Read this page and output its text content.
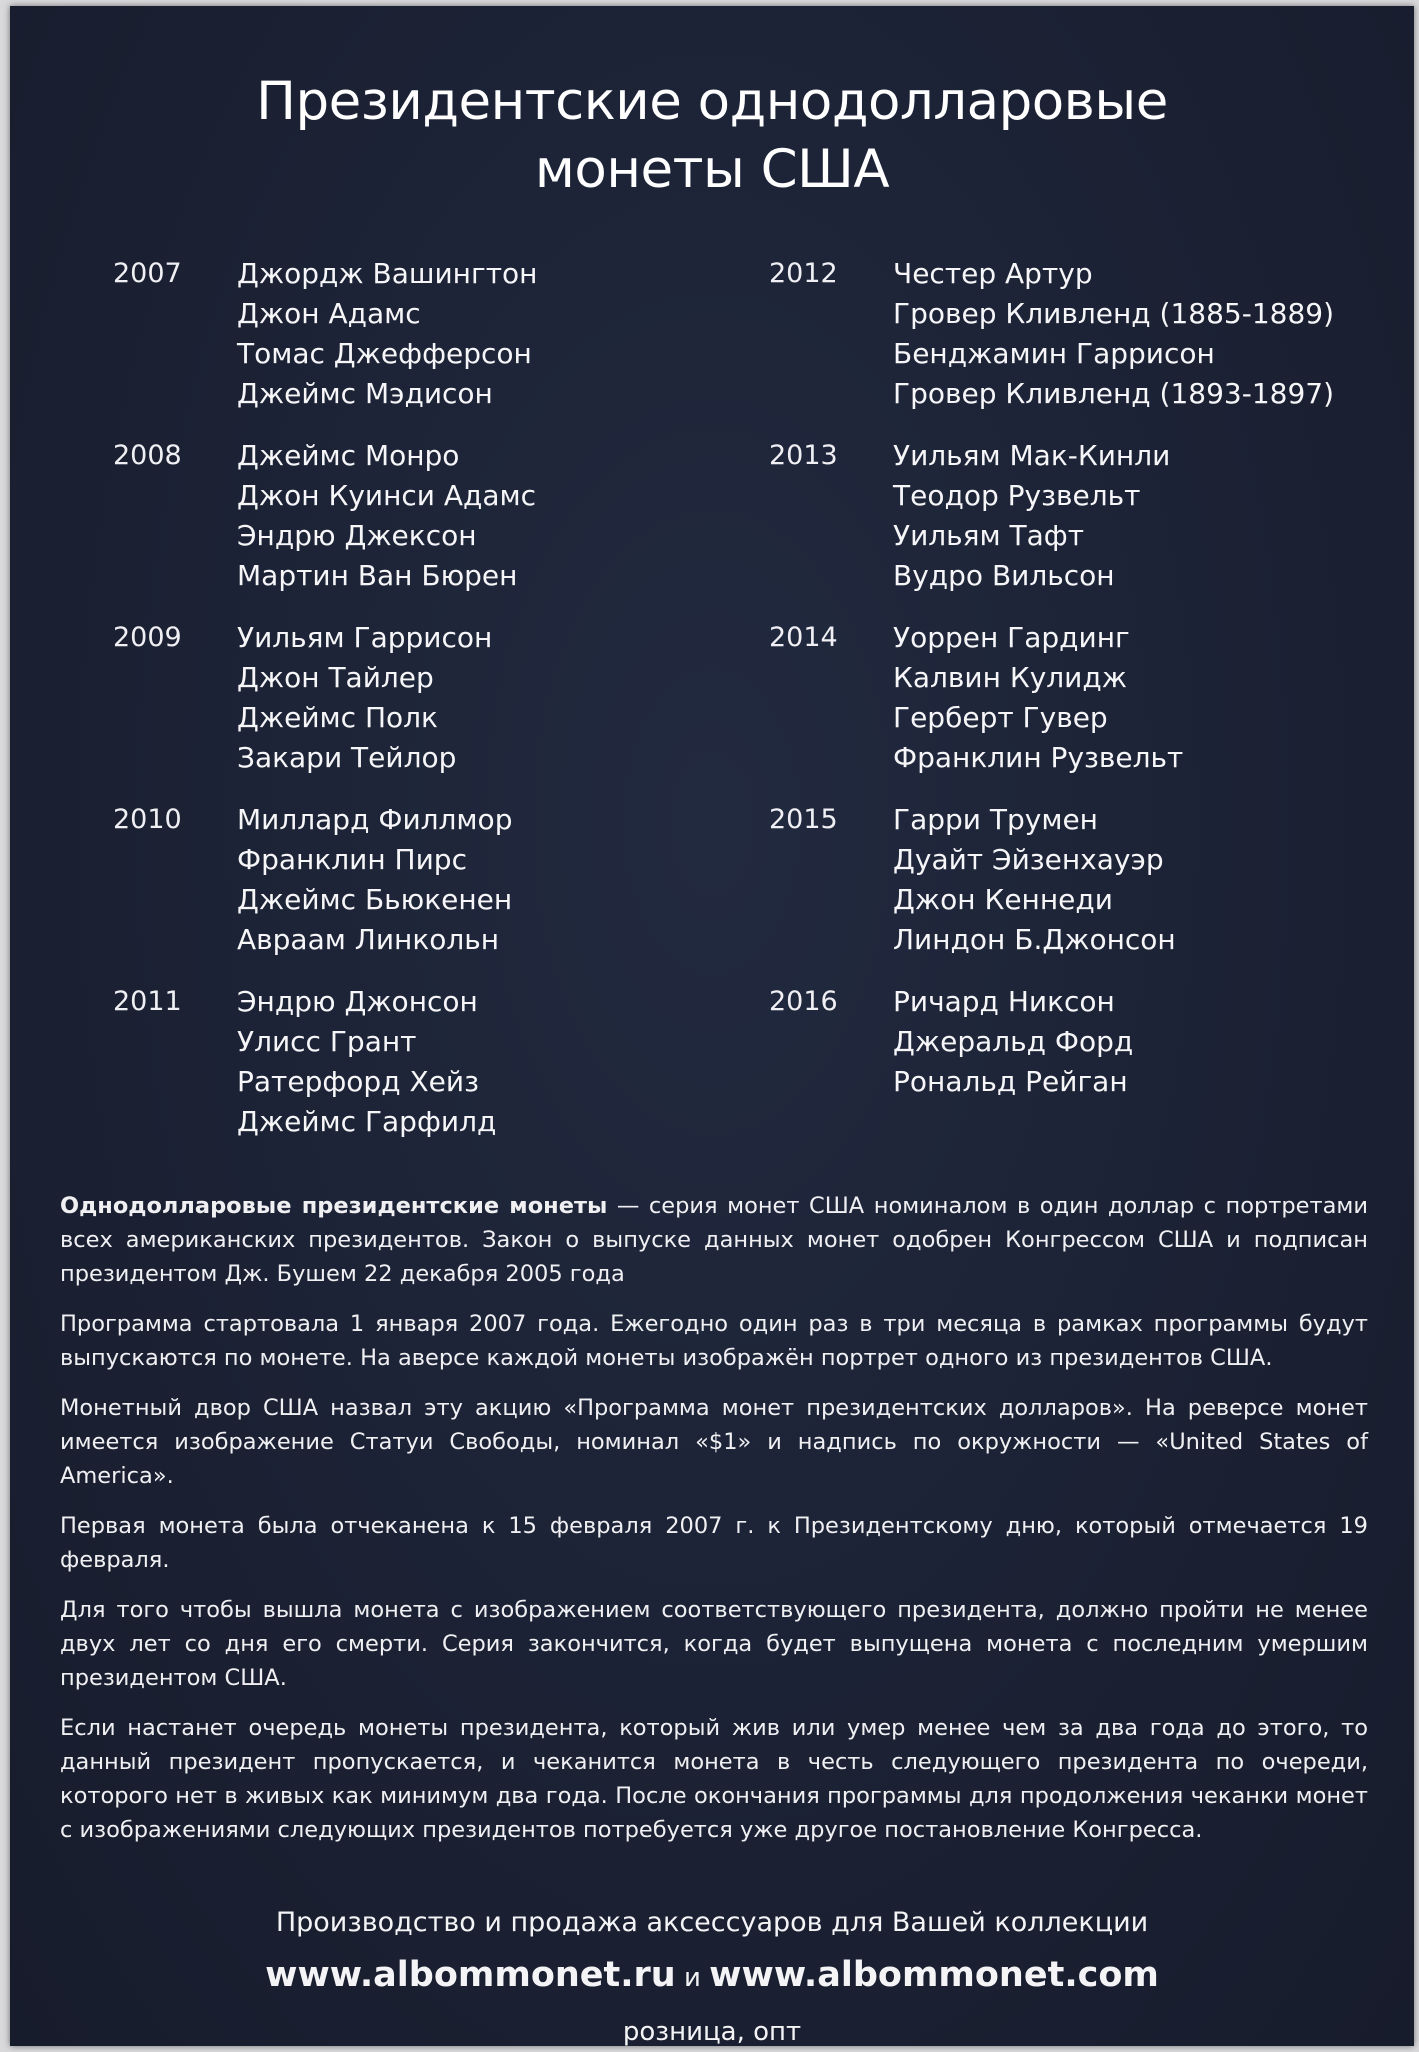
Президентские однодолларовые
монеты США
2007 Джордж Вашингтон
Джон Адамс
Томас Джефферсон
Джеймс Мэдисон
2008 Джеймс Монро
Джон Куинси Адамс
Эндрю Джексон
Мартин Ван Бюрен
2009 Уильям Гаррисон
Джон Тайлер
Джеймс Полк
Закари Тейлор
2010 Миллард Филлмор
Франклин Пирс
Джеймс Бьюкенен
Авраам Линкольн
2011 Эндрю Джонсон
Улисс Грант
Ратерфорд Хейз
Джеймс Гарфилд
2012 Честер Артур
Гровер Кливленд (1885-1889)
Бенджамин Гаррисон
Гровер Кливленд (1893-1897)
2013 Уильям Мак-Кинли
Теодор Рузвельт
Уильям Тафт
Вудро Вильсон
2014 Уоррен Гардинг
Калвин Кулидж
Герберт Гувер
Франклин Рузвельт
2015 Гарри Трумен
Дуайт Эйзенхауэр
Джон Кеннеди
Линдон Б.Джонсон
2016 Ричард Никсон
Джеральд Форд
Рональд Рейган

Однодолларовые президентские монеты — серия монет США номиналом в один доллар с портретами всех американских президентов. Закон о выпуске данных монет одобрен Конгрессом США и подписан президентом Дж. Бушем 22 декабря 2005 года

Программа стартовала 1 января 2007 года. Ежегодно один раз в три месяца в рамках программы будут выпускаются по монете. На аверсе каждой монеты изображён портрет одного из президентов США.

Монетный двор США назвал эту акцию «Программа монет президентских долларов». На реверсе монет имеется изображение Статуи Свободы, номинал «$1» и надпись по окружности — «United States of America».

Первая монета была отчеканена к 15 февраля 2007 г. к Президентскому дню, который отмечается 19 февраля.

Для того чтобы вышла монета с изображением соответствующего президента, должно пройти не менее двух лет со дня его смерти. Серия закончится, когда будет выпущена монета с последним умершим президентом США.

Если настанет очередь монеты президента, который жив или умер менее чем за два года до этого, то данный президент пропускается, и чеканится монета в честь следующего президента по очереди, которого нет в живых как минимум два года. После окончания программы для продолжения чеканки монет с изображениями следующих президентов потребуется уже другое постановление Конгресса.

Производство и продажа аксессуаров для Вашей коллекции
www.albommonet.ru и www.albommonet.com
розница, опт
